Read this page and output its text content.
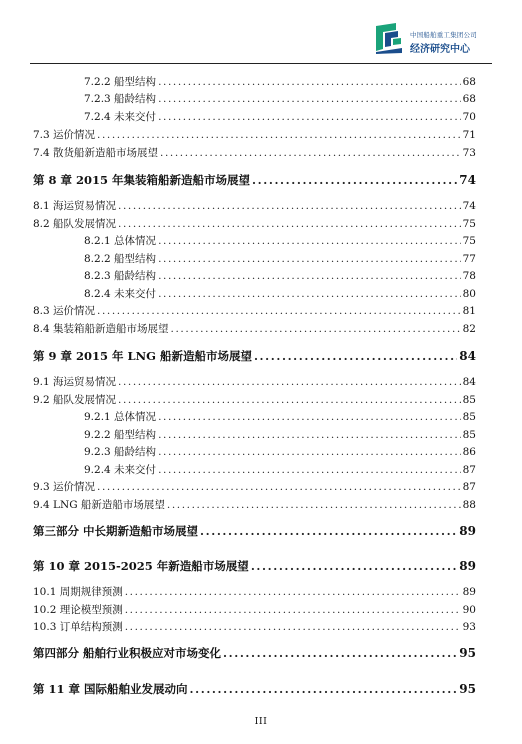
中国船舶重工集团公司
经济研究中心
7.2.2 船型结构 .....	68
7.2.3 船龄结构 .....	68
7.2.4 未来交付 .....	70
7.3 运价情况 .....	71
7.4 散货船新造船市场展望 .....	73
第 8 章 2015 年集装箱船新造船市场展望 .....	74
8.1 海运贸易情况 .....	74
8.2 船队发展情况 .....	75
8.2.1 总体情况 .....	75
8.2.2 船型结构 .....	77
8.2.3 船龄结构 .....	78
8.2.4 未来交付 .....	80
8.3 运价情况 .....	81
8.4 集装箱船新造船市场展望 .....	82
第 9 章 2015 年 LNG 船新造船市场展望 .....	84
9.1 海运贸易情况 .....	84
9.2 船队发展情况 .....	85
9.2.1 总体情况 .....	85
9.2.2 船型结构 .....	85
9.2.3 船龄结构 .....	86
9.2.4 未来交付 .....	87
9.3 运价情况 .....	87
9.4 LNG 船新造船市场展望 .....	88
第三部分 中长期新造船市场展望 .....	89
第 10 章 2015-2025 年新造船市场展望 .....	89
10.1 周期规律预测 .....	89
10.2 理论模型预测 .....	90
10.3 订单结构预测 .....	93
第四部分 船舶行业积极应对市场变化 .....	95
第 11 章 国际船舶业发展动向 .....	95
III
